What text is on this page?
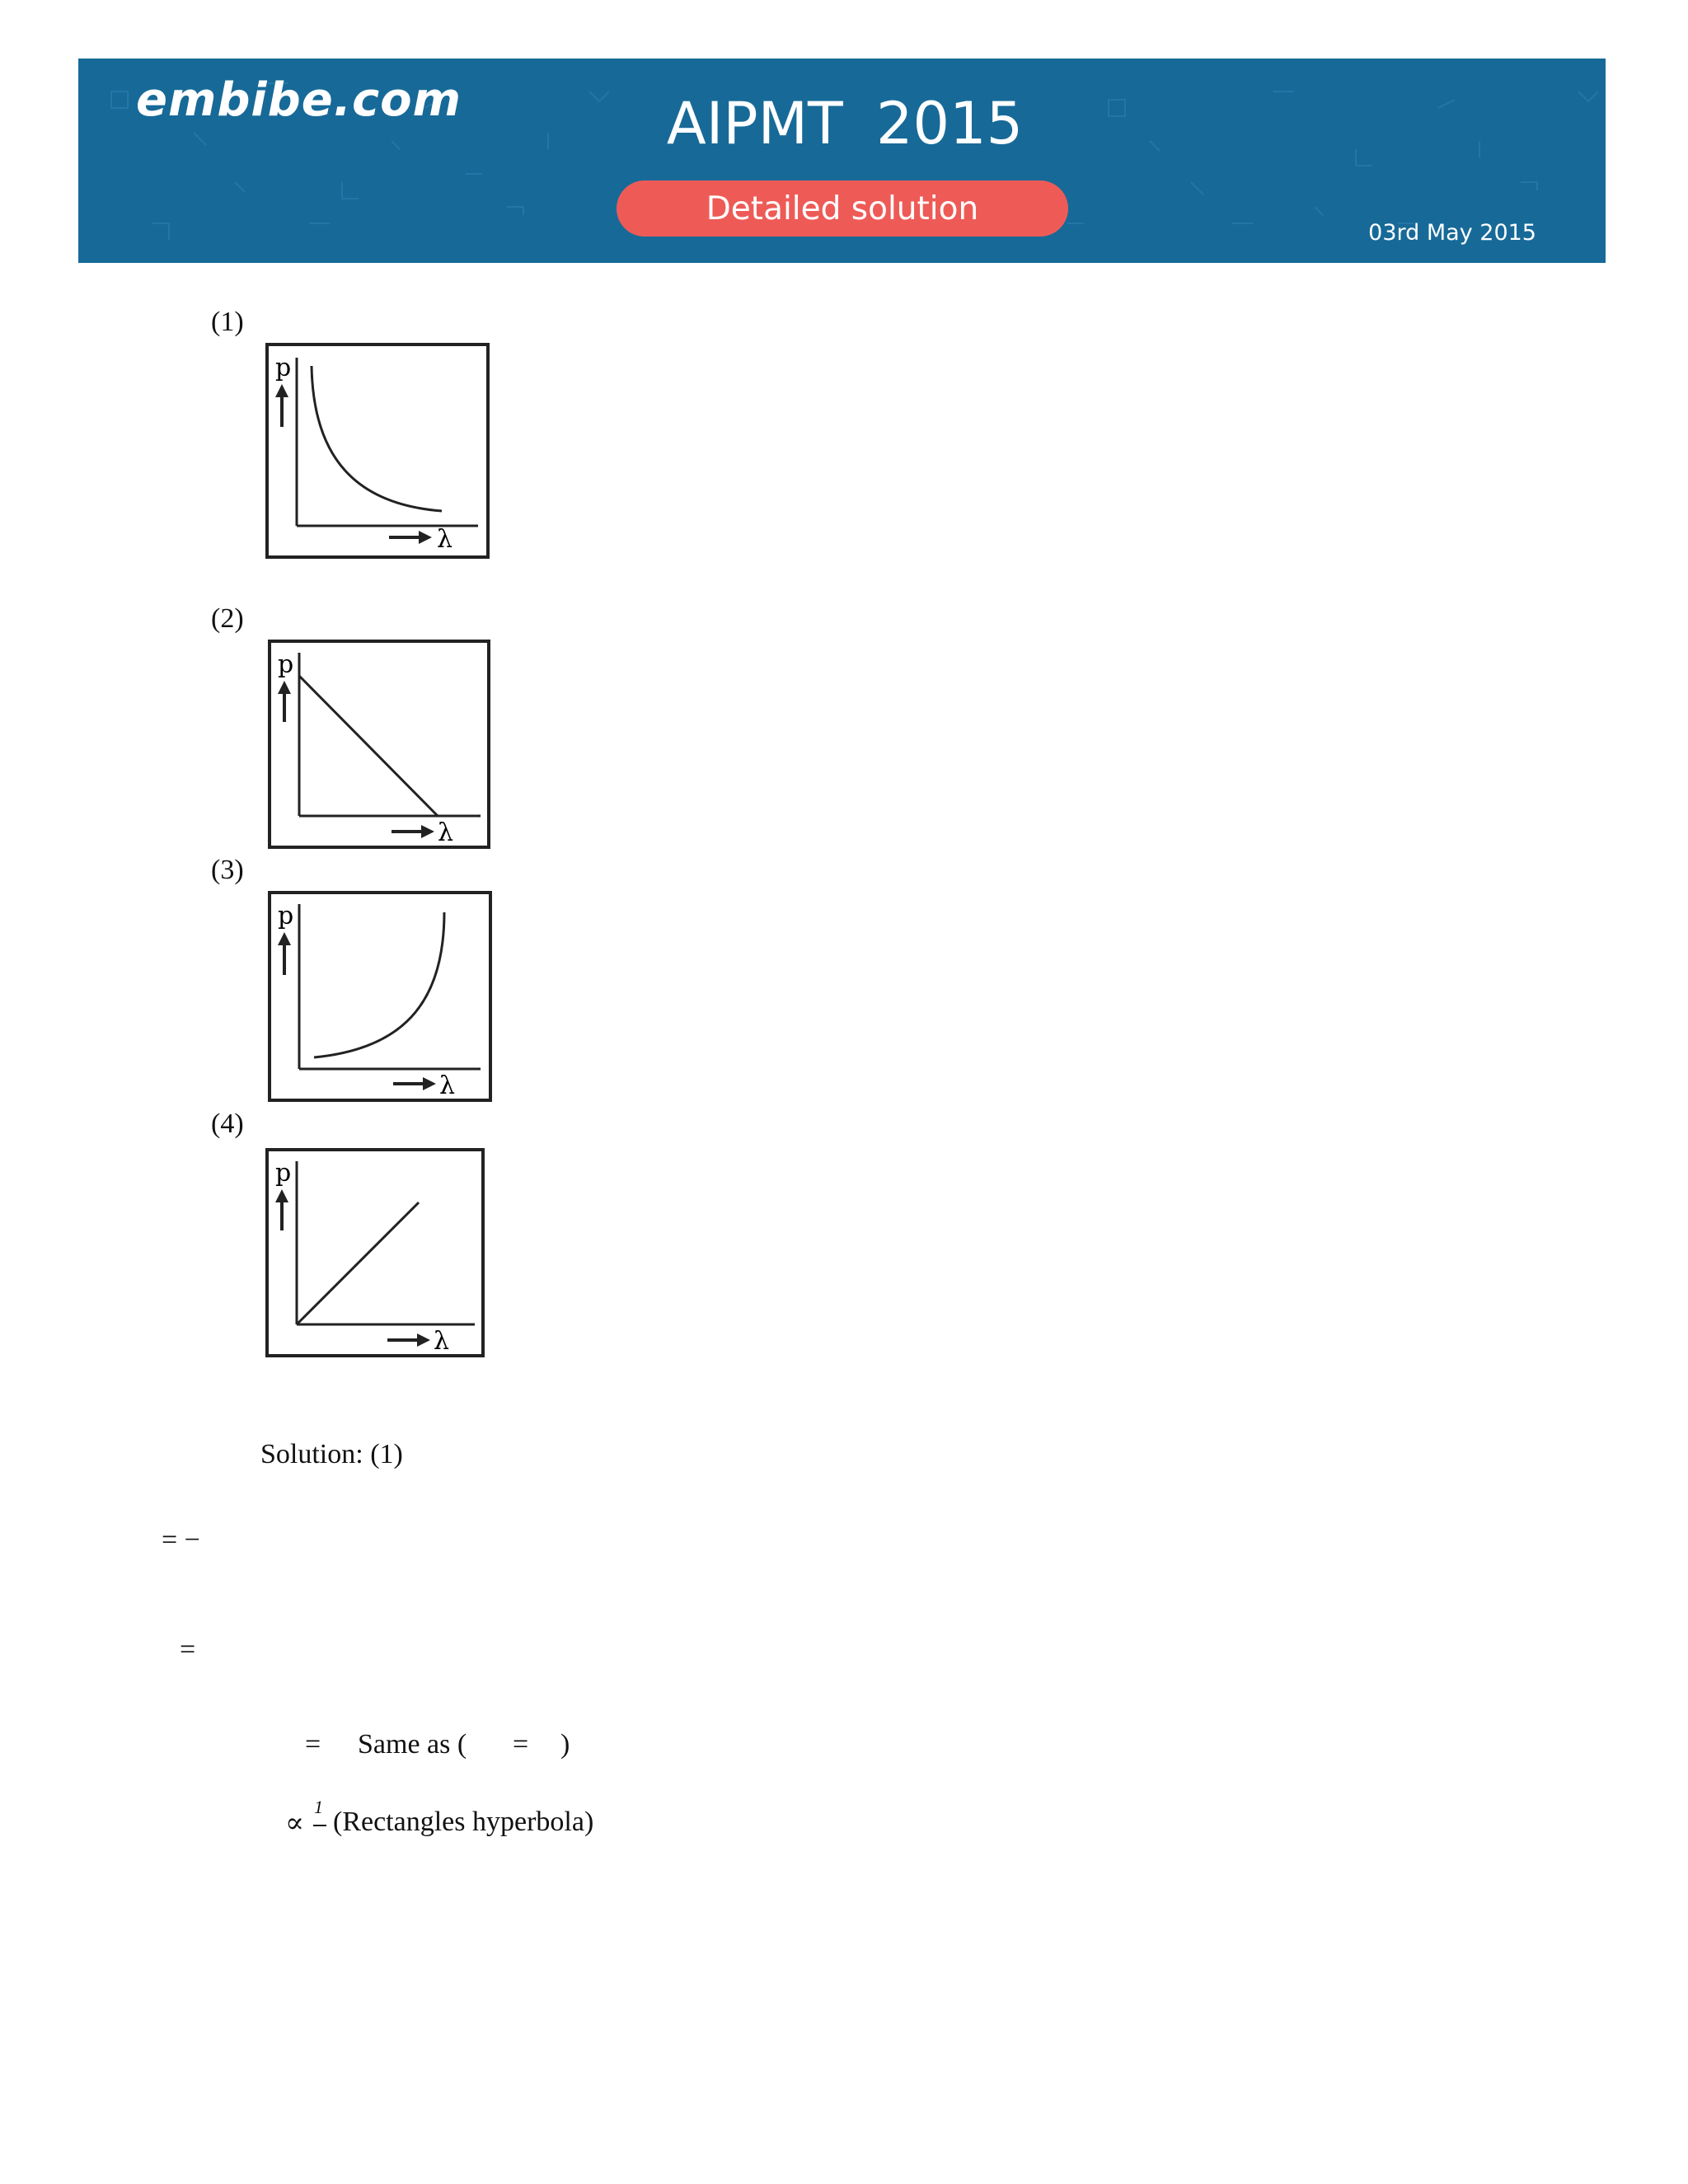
embibe.com	AIPMT 2015
Detailed solution
03rd May 2015
(1)
p
λ
(2)
p
λ
(3)
p
λ
(4)
p
λ
Solution: (1)
= −
=
= Same as ( = )
∝
1 (Rectangles hyperbola)
